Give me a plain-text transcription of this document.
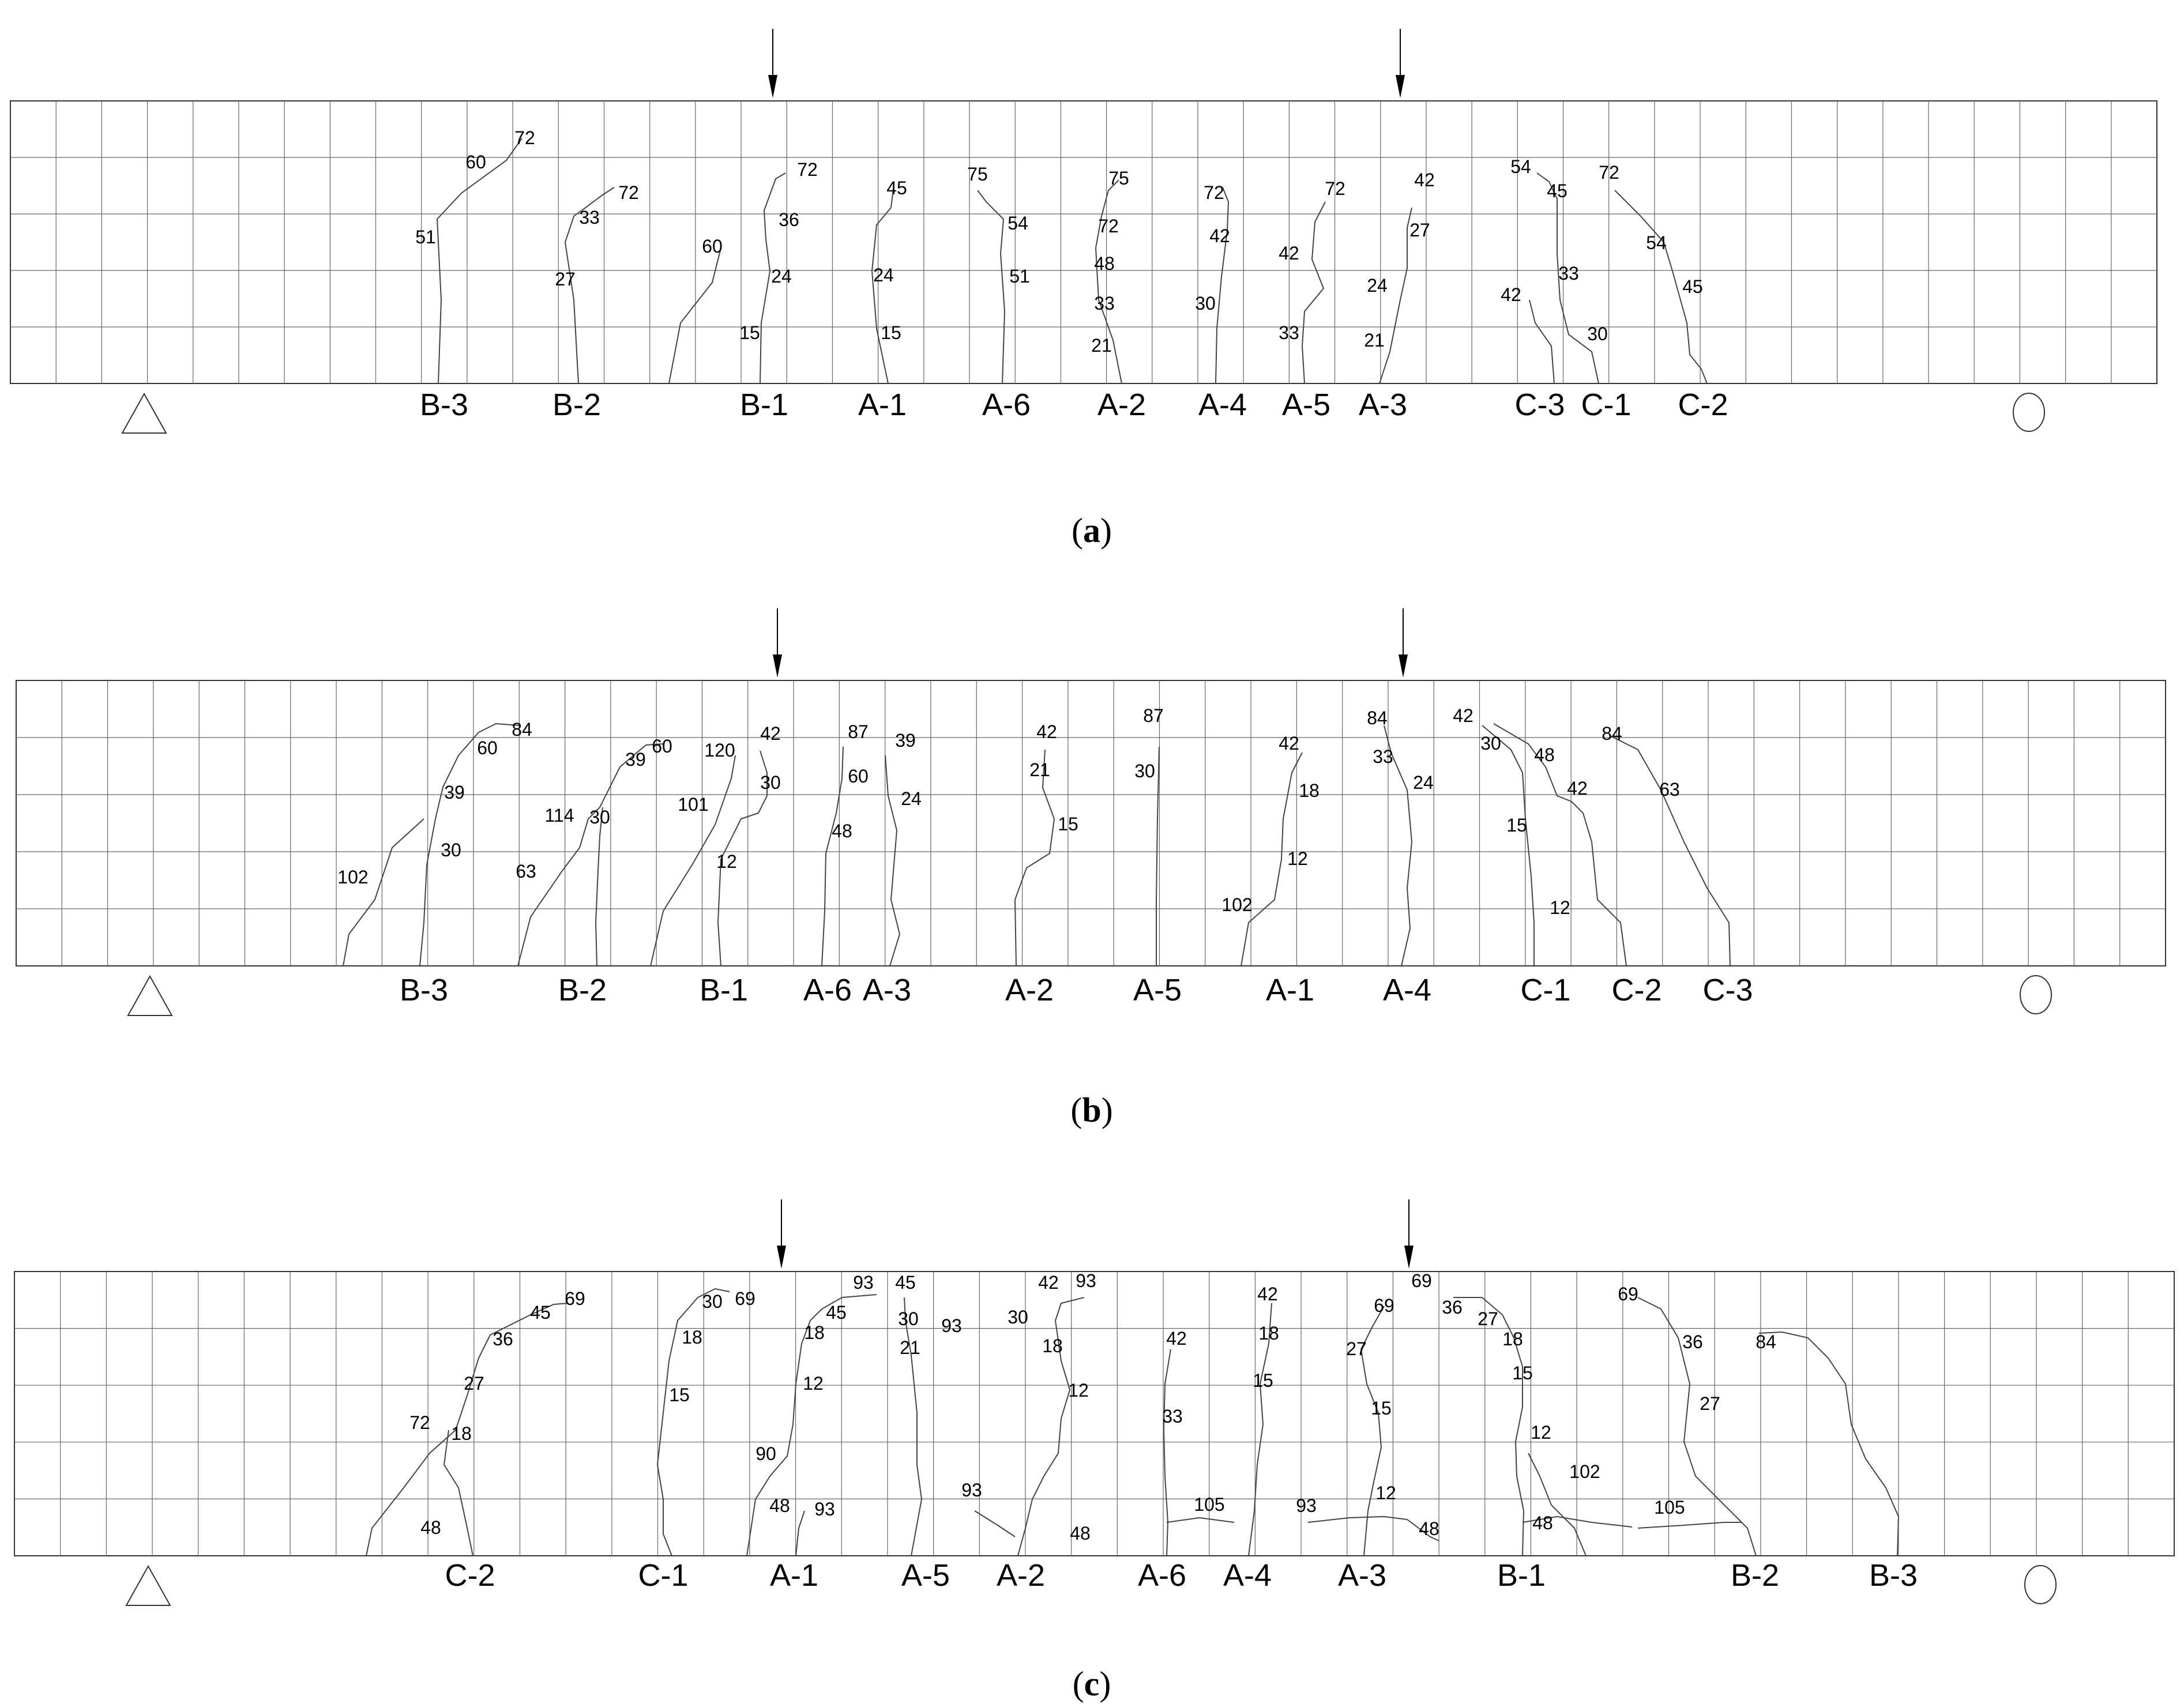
72
60
51
72
33
27
60
72
36
24
15
45
24
15
75
54
51
75
72
48
33
21
72
42
30
72
42
33
42
27
24
21
54
45
33
42
30
72
54
45
B-3	B-2	B-1 A-1 A-6 A-2 A-4 A-5 A-3	C-3 C-1 C-2
(a)
84
60
39
30
102
60
39
114 30
63
120
101
42
30
12
87
60
48
39
24
42
21
15
87
30
42
18
12
102
84
33
24
42
30
48
42
15
12
84
63
B-3	B-2	B-1 A-6 A-3	A-2	A-5	A-1 A-4	C-1 C-2 C-3
(b)
69
45
36
27
72
18
48
30 69
18
15
93
45
18
12
90
48 93
45
30 93
21
93
42 93
30
18
12
48
42
33
105
42
18
15
69
27
15
93
12
48
69
36
27
18
15
12
102
48
105
69
36
27
84
C-2	C-1	A-1	A-5 A-2	A-6 A-4 A-3	B-1	B-2	B-3
(c)
